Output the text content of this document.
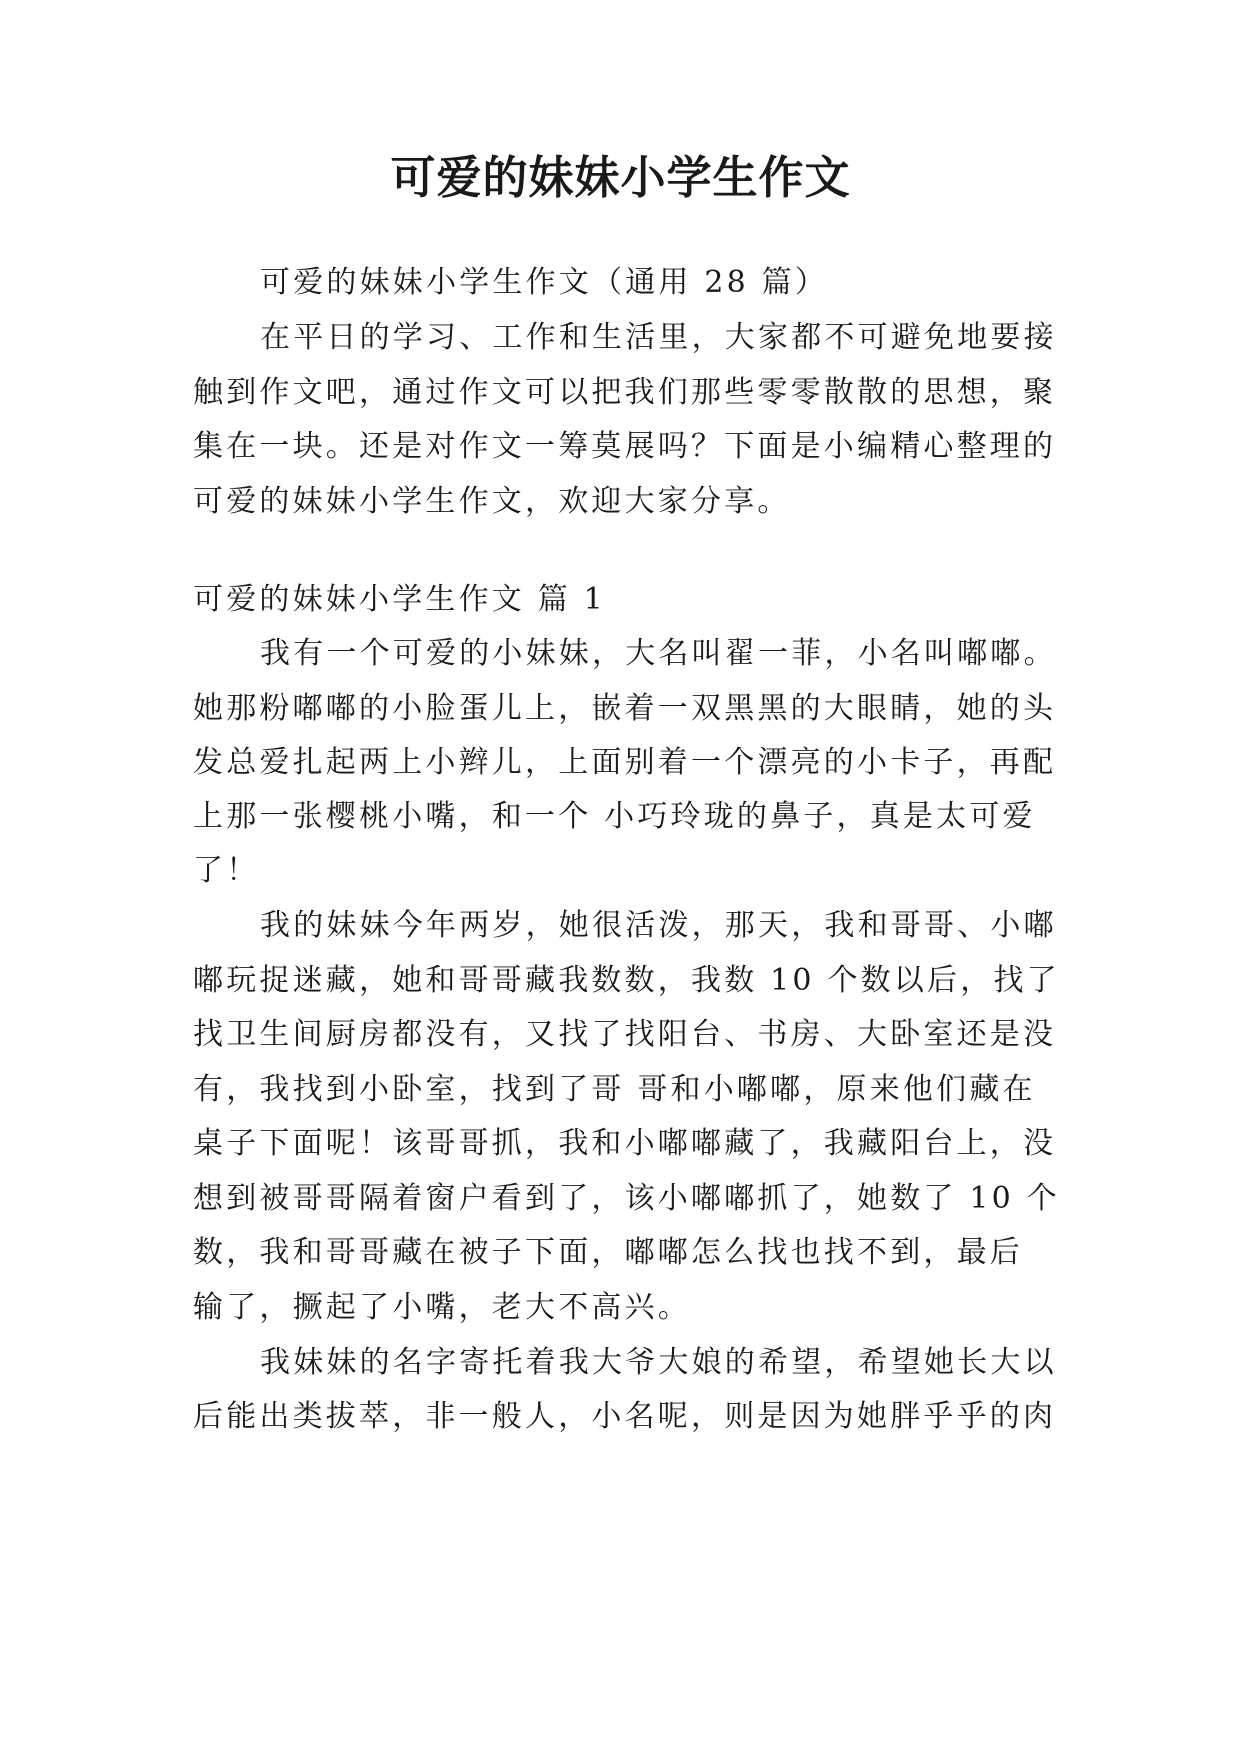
可爱的妹妹小学生作文

可爱的妹妹小学生作文（通用 28 篇）

在平日的学习、工作和生活里，大家都不可避免地要接

触到作文吧，通过作文可以把我们那些零零散散的思想，聚

集在一块。还是对作文一筹莫展吗？下面是小编精心整理的

可爱的妹妹小学生作文，欢迎大家分享。

可爱的妹妹小学生作文 篇 1

我有一个可爱的小妹妹，大名叫翟一菲，小名叫嘟嘟。

她那粉嘟嘟的小脸蛋儿上，嵌着一双黑黑的大眼睛，她的头

发总爱扎起两上小辫儿，上面别着一个漂亮的小卡子，再配

上那一张樱桃小嘴，和一个 小巧玲珑的鼻子，真是太可爱

了！

我的妹妹今年两岁，她很活泼，那天，我和哥哥、小嘟

嘟玩捉迷藏，她和哥哥藏我数数，我数 10 个数以后，找了

找卫生间厨房都没有，又找了找阳台、书房、大卧室还是没

有，我找到小卧室，找到了哥 哥和小嘟嘟，原来他们藏在

桌子下面呢！该哥哥抓，我和小嘟嘟藏了，我藏阳台上，没

想到被哥哥隔着窗户看到了，该小嘟嘟抓了，她数了 10 个

数，我和哥哥藏在被子下面，嘟嘟怎么找也找不到，最后

输了，撅起了小嘴，老大不高兴。

我妹妹的名字寄托着我大爷大娘的希望，希望她长大以

后能出类拔萃，非一般人，小名呢，则是因为她胖乎乎的肉
